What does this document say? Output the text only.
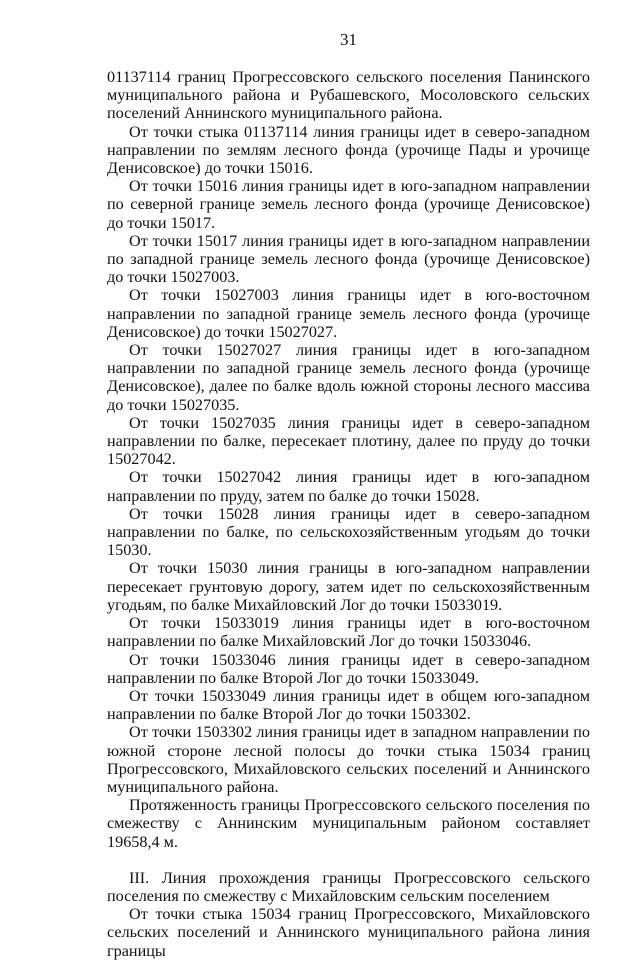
31

01137114 границ Прогрессовского сельского поселения Панинского муниципального района и Рубашевского, Мосоловского сельских поселений Аннинского муниципального района.

От точки стыка 01137114 линия границы идет в северо-западном направлении по землям лесного фонда (урочище Пады и урочище Денисовское) до точки 15016.

От точки 15016 линия границы идет в юго-западном направлении по северной границе земель лесного фонда (урочище Денисовское) до точки 15017.

От точки 15017 линия границы идет в юго-западном направлении по западной границе земель лесного фонда (урочище Денисовское) до точки 15027003.

От точки 15027003 линия границы идет в юго-восточном направлении по западной границе земель лесного фонда (урочище Денисовское) до точки 15027027.

От точки 15027027 линия границы идет в юго-западном направлении по западной границе земель лесного фонда (урочище Денисовское), далее по балке вдоль южной стороны лесного массива до точки 15027035.

От точки 15027035 линия границы идет в северо-западном направлении по балке, пересекает плотину, далее по пруду до точки 15027042.

От точки 15027042 линия границы идет в юго-западном направлении по пруду, затем по балке до точки 15028.

От точки 15028 линия границы идет в северо-западном направлении по балке, по сельскохозяйственным угодьям до точки 15030.

От точки 15030 линия границы в юго-западном направлении пересекает грунтовую дорогу, затем идет по сельскохозяйственным угодьям, по балке Михайловский Лог до точки 15033019.

От точки 15033019 линия границы идет в юго-восточном направлении по балке Михайловский Лог до точки 15033046.

От точки 15033046 линия границы идет в северо-западном направлении по балке Второй Лог до точки 15033049.

От точки 15033049 линия границы идет в общем юго-западном направлении по балке Второй Лог до точки 1503302.

От точки 1503302 линия границы идет в западном направлении по южной стороне лесной полосы до точки стыка 15034 границ Прогрессовского, Михайловского сельских поселений и Аннинского муниципального района.

Протяженность границы Прогрессовского сельского поселения по смежеству с Аннинским муниципальным районом составляет 19658,4 м.

III. Линия прохождения границы Прогрессовского сельского поселения по смежеству с Михайловским сельским поселением

От точки стыка 15034 границ Прогрессовского, Михайловского сельских поселений и Аннинского муниципального района линия границы
